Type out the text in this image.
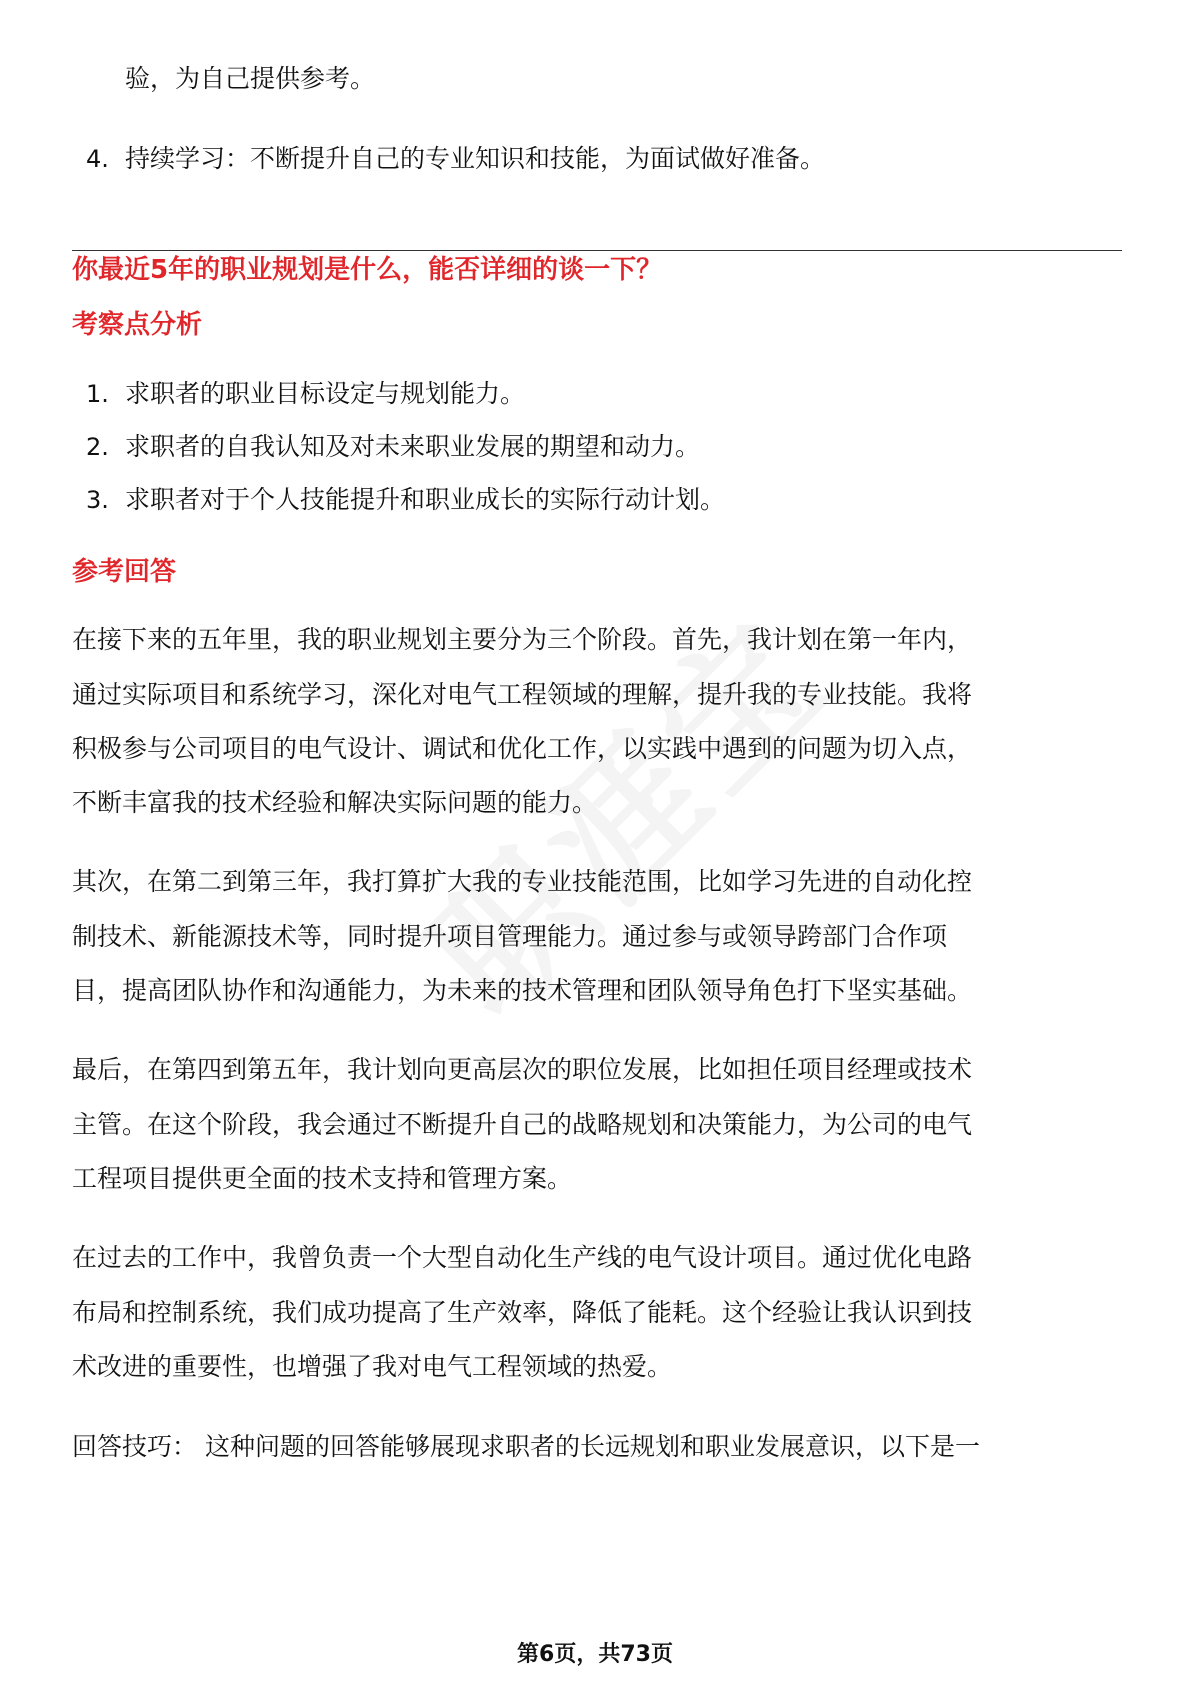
验，为自己提供参考。
4. 持续学习：不断提升自己的专业知识和技能，为面试做好准备。
你最近5年的职业规划是什么，能否详细的谈一下？
考察点分析
1. 求职者的职业目标设定与规划能力。
2. 求职者的自我认知及对未来职业发展的期望和动力。
3. 求职者对于个人技能提升和职业成长的实际行动计划。
参考回答
在接下来的五年里，我的职业规划主要分为三个阶段。首先，我计划在第一年内，
通过实际项目和系统学习，深化对电气工程领域的理解，提升我的专业技能。我将
积极参与公司项目的电气设计、调试和优化工作，以实践中遇到的问题为切入点，
不断丰富我的技术经验和解决实际问题的能力。
其次，在第二到第三年，我打算扩大我的专业技能范围，比如学习先进的自动化控
制技术、新能源技术等，同时提升项目管理能力。通过参与或领导跨部门合作项
目，提高团队协作和沟通能力，为未来的技术管理和团队领导角色打下坚实基础。
最后，在第四到第五年，我计划向更高层次的职位发展，比如担任项目经理或技术
主管。在这个阶段，我会通过不断提升自己的战略规划和决策能力，为公司的电气
工程项目提供更全面的技术支持和管理方案。
在过去的工作中，我曾负责一个大型自动化生产线的电气设计项目。通过优化电路
布局和控制系统，我们成功提高了生产效率，降低了能耗。这个经验让我认识到技
术改进的重要性，也增强了我对电气工程领域的热爱。
回答技巧： 这种问题的回答能够展现求职者的长远规划和职业发展意识，以下是一
第6页，共73页
